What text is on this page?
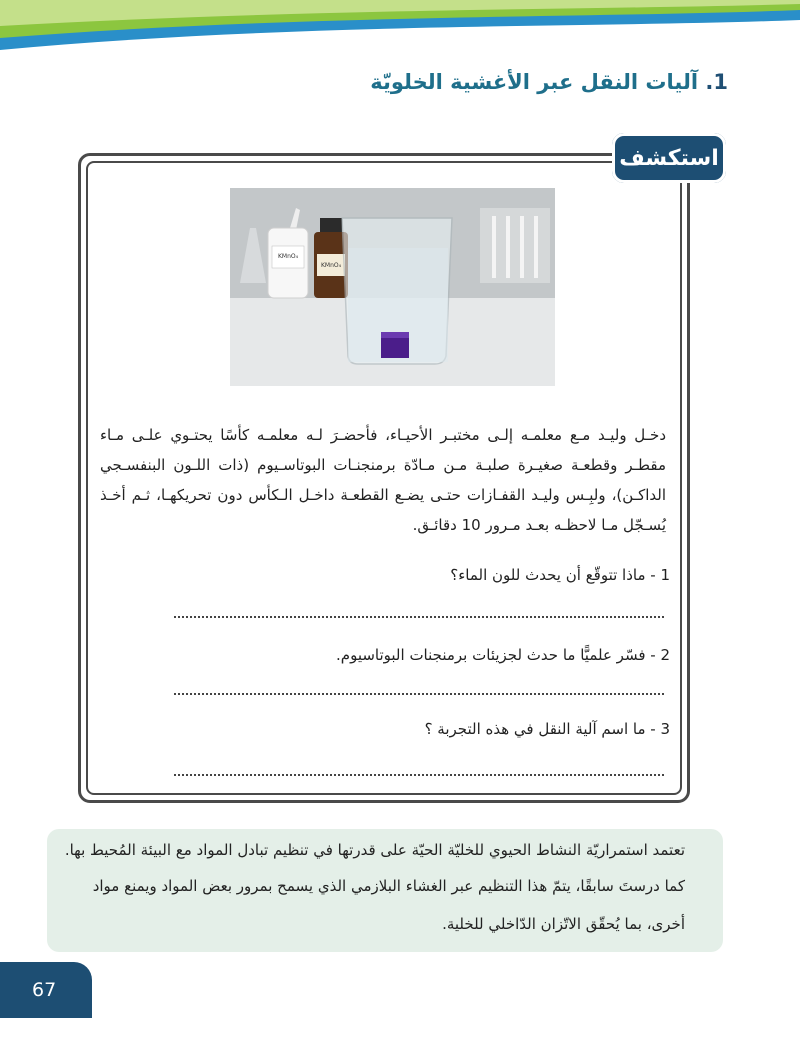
1. آليات النقل عبر الأغشية الخلويّة
استكشف
KMnO₄
KMnO₄
دخـل وليـد مـع معلمـه إلـى مختبـر الأحيـاء، فأحضـرَ لـه معلمـه كأسًا يحتـوي علـى مـاء مقطـر وقطعـة صغيـرة صلبـة مـن مـادّة برمنجنـات البوتاسـيوم (ذات اللـون البنفسـجي الداكـن)، ولبِـس وليـد القفـازات حتـى يضـع القطعـة داخـل الـكأس دون تحريكهـا، ثـم أخـذ يُسـجّل مـا لاحظـه بعـد مـرور 10 دقائـق.
1 - ماذا تتوقّع أن يحدث للون الماء؟
2 - فسّر علميًّا ما حدث لجزيئات برمنجنات البوتاسيوم.
3 - ما اسم آلية النقل في هذه التجربة ؟
تعتمد استمراريّة النشاط الحيوي للخليّة الحيّة على قدرتها في تنظيم تبادل المواد مع البيئة المُحيط بها.
كما درستَ سابقًا، يتمّ هذا التنظيم عبر الغشاء البلازمي الذي يسمح بمرور بعض المواد ويمنع مواد
أخرى، بما يُحقّق الاتّزان الدّاخلي للخلية.
67
